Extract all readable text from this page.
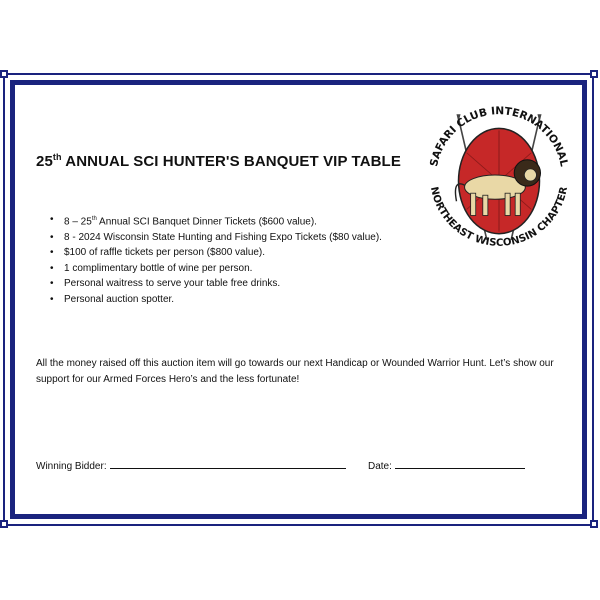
25th ANNUAL SCI HUNTER'S BANQUET VIP TABLE
• 8 – 25th Annual SCI Banquet Dinner Tickets ($600 value).
• 8 - 2024 Wisconsin State Hunting and Fishing Expo Tickets ($80 value).
• $100 of raffle tickets per person ($800 value).
• 1 complimentary bottle of wine per person.
• Personal waitress to serve your table free drinks.
• Personal auction spotter.

All the money raised off this auction item will go towards our next Handicap or Wounded Warrior Hunt. Let’s show our support for our Armed Forces Hero’s and the less fortunate!

Winning Bidder:	Date:
SAFARI CLUB INTERNATIONAL
NORTHEAST WISCONSIN CHAPTER
